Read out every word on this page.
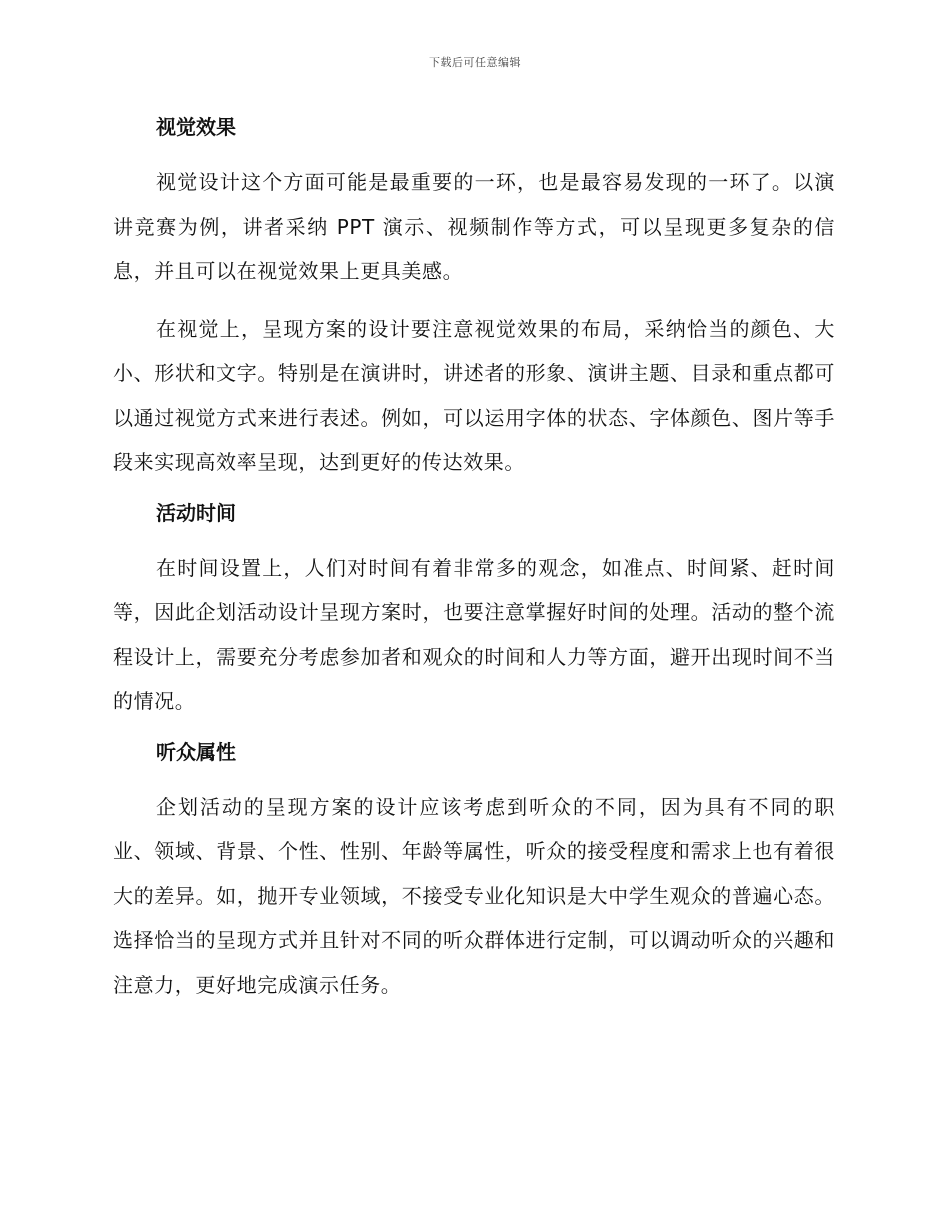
下载后可任意编辑
视觉效果

视觉设计这个方面可能是最重要的一环，也是最容易发现的一环了。以演讲竞赛为例，讲者采纳 PPT 演示、视频制作等方式，可以呈现更多复杂的信息，并且可以在视觉效果上更具美感。

在视觉上，呈现方案的设计要注意视觉效果的布局，采纳恰当的颜色、大小、形状和文字。特别是在演讲时，讲述者的形象、演讲主题、目录和重点都可以通过视觉方式来进行表述。例如，可以运用字体的状态、字体颜色、图片等手段来实现高效率呈现，达到更好的传达效果。

活动时间

在时间设置上，人们对时间有着非常多的观念，如准点、时间紧、赶时间等，因此企划活动设计呈现方案时，也要注意掌握好时间的处理。活动的整个流程设计上，需要充分考虑参加者和观众的时间和人力等方面，避开出现时间不当的情况。

听众属性

企划活动的呈现方案的设计应该考虑到听众的不同，因为具有不同的职业、领域、背景、个性、性别、年龄等属性，听众的接受程度和需求上也有着很大的差异。如，抛开专业领域，不接受专业化知识是大中学生观众的普遍心态。选择恰当的呈现方式并且针对不同的听众群体进行定制，可以调动听众的兴趣和注意力，更好地完成演示任务。
